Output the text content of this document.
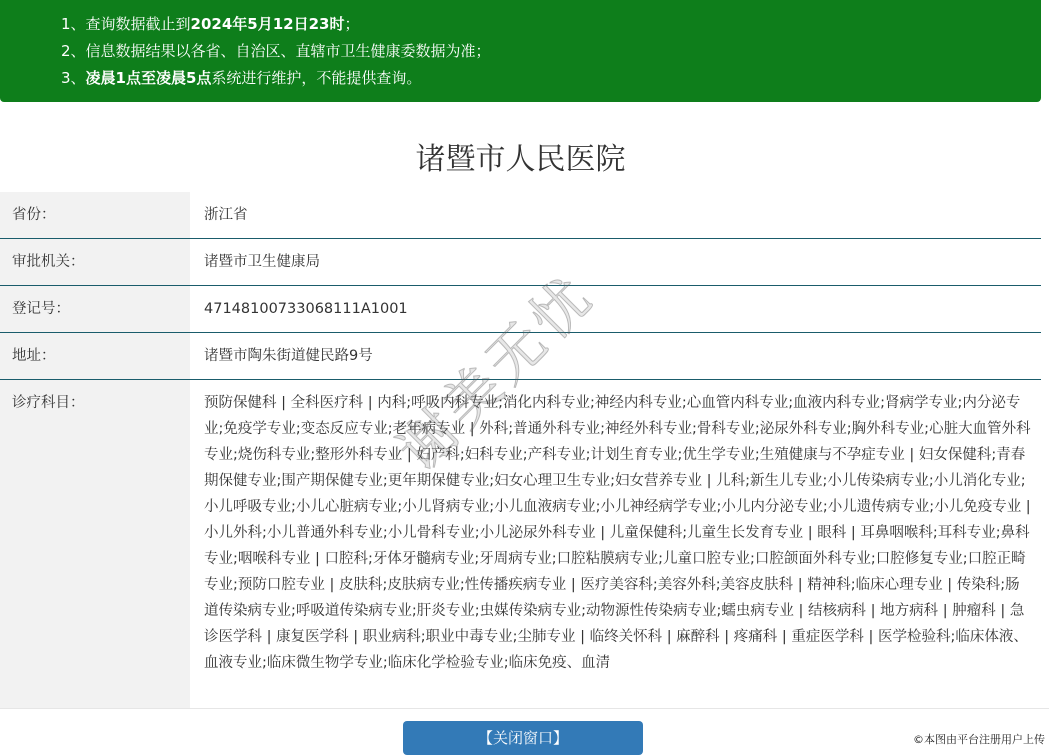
1、查询数据截止到2024年5月12日23时；
2、信息数据结果以各省、自治区、直辖市卫生健康委数据为准；
3、凌晨1点至凌晨5点系统进行维护，不能提供查询。
诸暨市人民医院
省份：	浙江省
审批机关：	诸暨市卫生健康局
登记号：	47148100733068111A1001
地址：	诸暨市陶朱街道健民路9号
诊疗科目：	预防保健科 | 全科医疗科 | 内科;呼吸内科专业;消化内科专业;神经内科专业;心血管内科专业;血液内科专业;肾病学专业;内分泌专业;免疫学专业;变态反应专业;老年病专业 | 外科;普通外科专业;神经外科专业;骨科专业;泌尿外科专业;胸外科专业;心脏大血管外科专业;烧伤科专业;整形外科专业 | 妇产科;妇科专业;产科专业;计划生育专业;优生学专业;生殖健康与不孕症专业 | 妇女保健科;青春期保健专业;围产期保健专业;更年期保健专业;妇女心理卫生专业;妇女营养专业 | 儿科;新生儿专业;小儿传染病专业;小儿消化专业;小儿呼吸专业;小儿心脏病专业;小儿肾病专业;小儿血液病专业;小儿神经病学专业;小儿内分泌专业;小儿遗传病专业;小儿免疫专业 | 小儿外科;小儿普通外科专业;小儿骨科专业;小儿泌尿外科专业 | 儿童保健科;儿童生长发育专业 | 眼科 | 耳鼻咽喉科;耳科专业;鼻科专业;咽喉科专业 | 口腔科;牙体牙髓病专业;牙周病专业;口腔粘膜病专业;儿童口腔专业;口腔颌面外科专业;口腔修复专业;口腔正畸专业;预防口腔专业 | 皮肤科;皮肤病专业;性传播疾病专业 | 医疗美容科;美容外科;美容皮肤科 | 精神科;临床心理专业 | 传染科;肠道传染病专业;呼吸道传染病专业;肝炎专业;虫媒传染病专业;动物源性传染病专业;蠕虫病专业 | 结核病科 | 地方病科 | 肿瘤科 | 急诊医学科 | 康复医学科 | 职业病科;职业中毒专业;尘肺专业 | 临终关怀科 | 麻醉科 | 疼痛科 | 重症医学科 | 医学检验科;临床体液、血液专业;临床微生物学专业;临床化学检验专业;临床免疫、血清
谢美无忧
【关闭窗口】	©本图由平台注册用户上传
